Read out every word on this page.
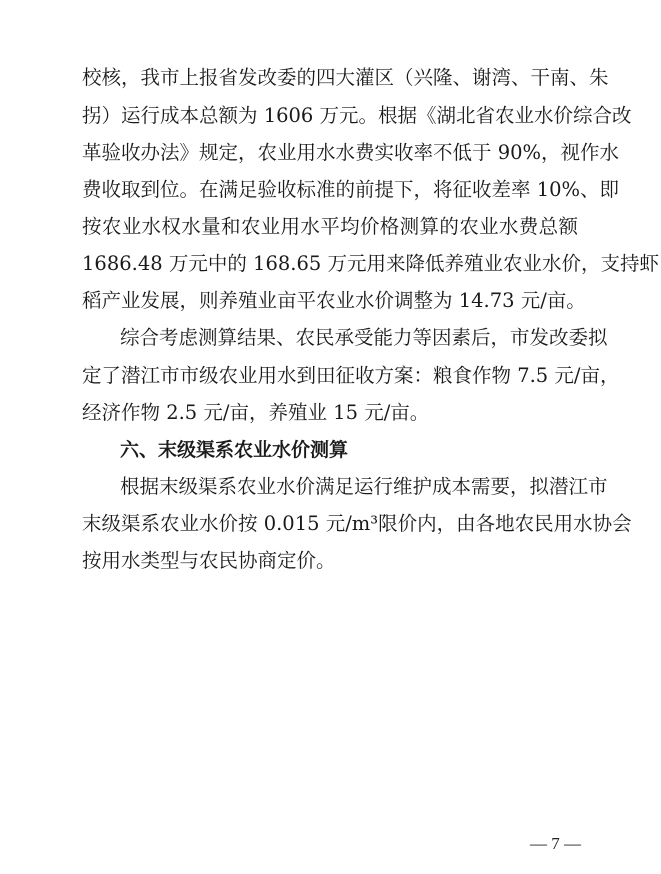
校核，我市上报省发改委的四大灌区（兴隆、谢湾、干南、朱
拐）运行成本总额为 1606 万元。根据《湖北省农业水价综合改
革验收办法》规定，农业用水水费实收率不低于 90%，视作水
费收取到位。在满足验收标准的前提下，将征收差率 10%、即
按农业水权水量和农业用水平均价格测算的农业水费总额
1686.48 万元中的 168.65 万元用来降低养殖业农业水价，支持虾
稻产业发展，则养殖业亩平农业水价调整为 14.73 元/亩。
综合考虑测算结果、农民承受能力等因素后，市发改委拟
定了潜江市市级农业用水到田征收方案：粮食作物 7.5 元/亩，
经济作物 2.5 元/亩，养殖业 15 元/亩。
六、末级渠系农业水价测算
根据末级渠系农业水价满足运行维护成本需要，拟潜江市
末级渠系农业水价按 0.015 元/m³限价内，由各地农民用水协会
按用水类型与农民协商定价。
— 7 —
